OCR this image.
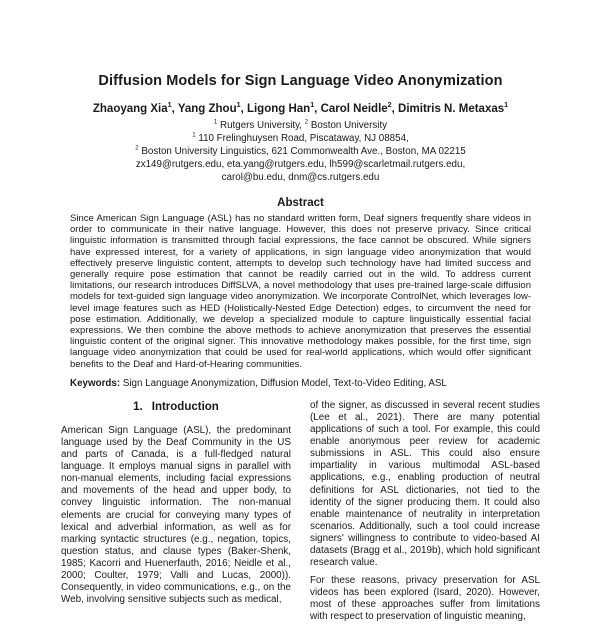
Diffusion Models for Sign Language Video Anonymization
Zhaoyang Xia$^1$, Yang Zhou$^1$, Ligong Han$^1$, Carol Neidle$^2$, Dimitris N. Metaxas$^1$
$^1$ Rutgers University, $^2$ Boston University
$^1$ 110 Frelinghuysen Road, Piscataway, NJ 08854,
$^2$ Boston University Linguistics, 621 Commonwealth Ave., Boston, MA 02215
zx149@rutgers.edu, eta.yang@rutgers.edu, lh599@scarletmail.rutgers.edu,
carol@bu.edu, dnm@cs.rutgers.edu
Abstract
Since American Sign Language (ASL) has no standard written form, Deaf signers frequently share videos in order to communicate in their native language. However, this does not preserve privacy. Since critical linguistic information is transmitted through facial expressions, the face cannot be obscured. While signers have expressed interest, for a variety of applications, in sign language video anonymization that would effectively preserve linguistic content, attempts to develop such technology have had limited success and generally require pose estimation that cannot be readily carried out in the wild. To address current limitations, our research introduces DiffSLVA, a novel methodology that uses pre-trained large-scale diffusion models for text-guided sign language video anonymization. We incorporate ControlNet, which leverages low-level image features such as HED (Holistically-Nested Edge Detection) edges, to circumvent the need for pose estimation. Additionally, we develop a specialized module to capture linguistically essential facial expressions. We then combine the above methods to achieve anonymization that preserves the essential linguistic content of the original signer. This innovative methodology makes possible, for the first time, sign language video anonymization that could be used for real-world applications, which would offer significant benefits to the Deaf and Hard-of-Hearing communities.
Keywords: Sign Language Anonymization, Diffusion Model, Text-to-Video Editing, ASL
1. Introduction

American Sign Language (ASL), the predominant language used by the Deaf Community in the US and parts of Canada, is a full-fledged natural language. It employs manual signs in parallel with non-manual elements, including facial expressions and movements of the head and upper body, to convey linguistic information. The non-manual elements are crucial for conveying many types of lexical and adverbial information, as well as for marking syntactic structures (e.g., negation, topics, question status, and clause types (Baker-Shenk, 1985; Kacorri and Huenerfauth, 2016; Neidle et al., 2000; Coulter, 1979; Valli and Lucas, 2000)). Consequently, in video communications, e.g., on the Web, involving sensitive subjects such as medical,

of the signer, as discussed in several recent studies (Lee et al., 2021). There are many potential applications of such a tool. For example, this could enable anonymous peer review for academic submissions in ASL. This could also ensure impartiality in various multimodal ASL-based applications, e.g., enabling production of neutral definitions for ASL dictionaries, not tied to the identity of the signer producing them. It could also enable maintenance of neutrality in interpretation scenarios. Additionally, such a tool could increase signers' willingness to contribute to video-based AI datasets (Bragg et al., 2019b), which hold significant research value.

For these reasons, privacy preservation for ASL videos has been explored (Isard, 2020). However, most of these approaches suffer from limitations with respect to preservation of linguistic meaning,
